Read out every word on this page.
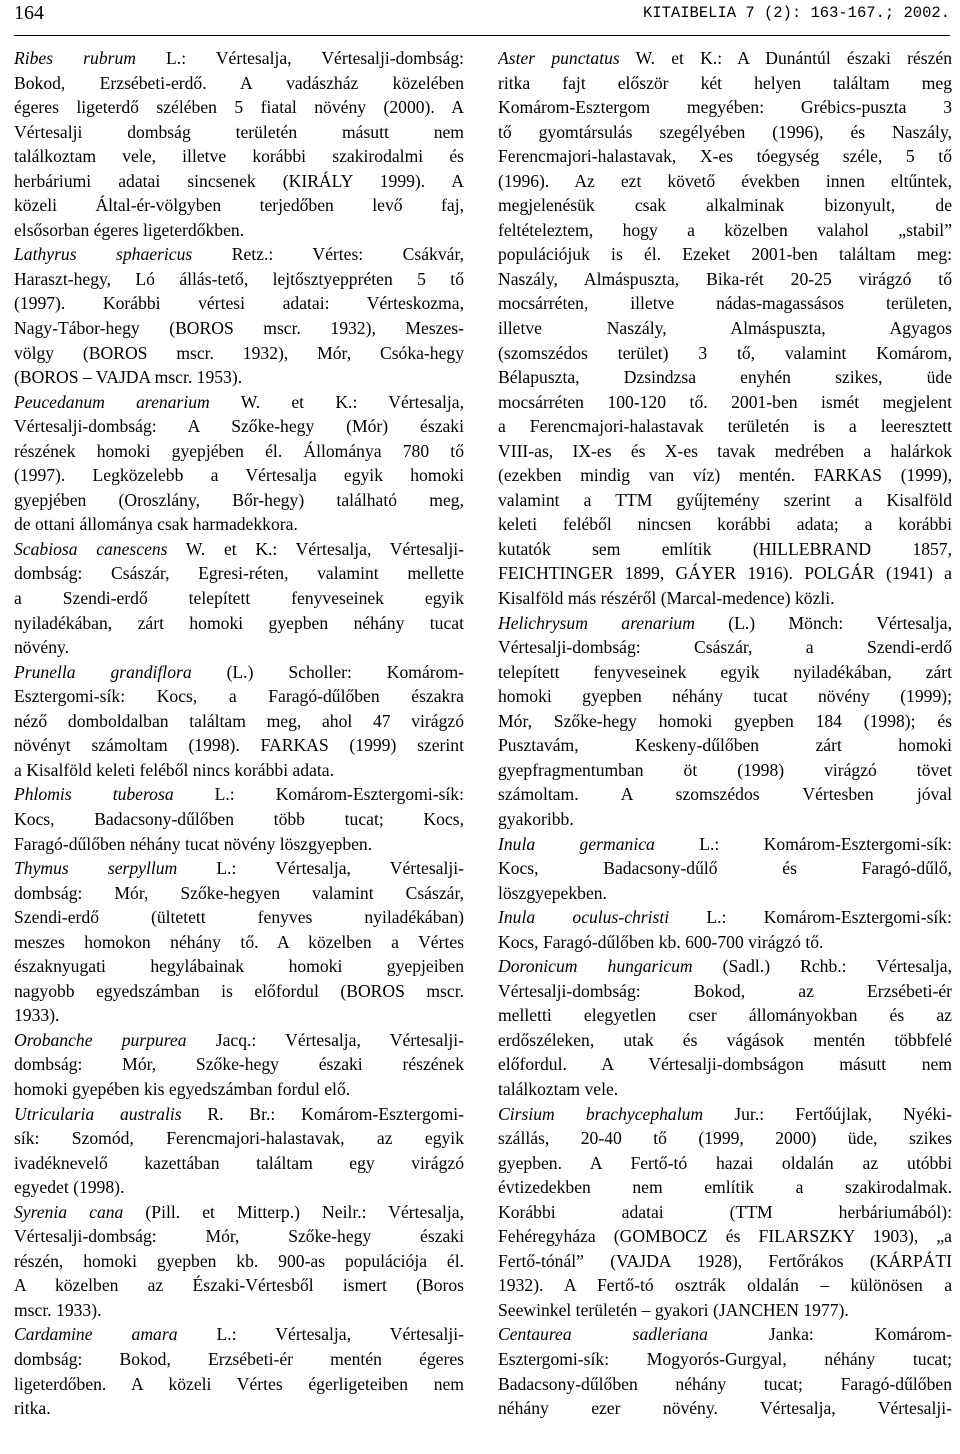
164	KITAIBELIA 7 (2): 163-167.; 2002.
Ribes rubrum L.: Vértesalja, Vértesalji-dombság:
Bokod, Erzsébeti-erdő. A vadászház közelében
égeres ligeterdő szélében 5 fiatal növény (2000). A
Vértesalji dombság területén másutt nem
találkoztam vele, illetve korábbi szakirodalmi és
herbáriumi adatai sincsenek (KIRÁLY 1999). A
közeli Által-ér-völgyben terjedőben levő faj,
elsősorban égeres ligeterdőkben.
Lathyrus sphaericus Retz.: Vértes: Csákvár,
Haraszt-hegy, Ló állás-tető, lejtősztyeppréten 5 tő
(1997). Korábbi vértesi adatai: Vérteskozma,
Nagy-Tábor-hegy (BOROS mscr. 1932), Meszes-
völgy (BOROS mscr. 1932), Mór, Csóka-hegy
(BOROS – VAJDA mscr. 1953).
Peucedanum arenarium W. et K.: Vértesalja,
Vértesalji-dombság: A Szőke-hegy (Mór) északi
részének homoki gyepjében él. Állománya 780 tő
(1997). Legközelebb a Vértesalja egyik homoki
gyepjében (Oroszlány, Bőr-hegy) található meg,
de ottani állománya csak harmadekkora.
Scabiosa canescens W. et K.: Vértesalja, Vértesalji-
dombság: Császár, Egresi-réten, valamint mellette
a Szendi-erdő telepített fenyveseinek egyik
nyiladékában, zárt homoki gyepben néhány tucat
növény.
Prunella grandiflora (L.) Scholler: Komárom-
Esztergomi-sík: Kocs, a Faragó-dűlőben északra
néző domboldalban találtam meg, ahol 47 virágzó
növényt számoltam (1998). FARKAS (1999) szerint
a Kisalföld keleti feléből nincs korábbi adata.
Phlomis tuberosa L.: Komárom-Esztergomi-sík:
Kocs, Badacsony-dűlőben több tucat; Kocs,
Faragó-dűlőben néhány tucat növény löszgyepben.
Thymus serpyllum L.: Vértesalja, Vértesalji-
dombság: Mór, Szőke-hegyen valamint Császár,
Szendi-erdő (ültetett fenyves nyiladékában)
meszes homokon néhány tő. A közelben a Vértes
északnyugati hegylábainak homoki gyepjeiben
nagyobb egyedszámban is előfordul (BOROS mscr.
1933).
Orobanche purpurea Jacq.: Vértesalja, Vértesalji-
dombság: Mór, Szőke-hegy északi részének
homoki gyepében kis egyedszámban fordul elő.
Utricularia australis R. Br.: Komárom-Esztergomi-
sík: Szomód, Ferencmajori-halastavak, az egyik
ivadéknevelő kazettában találtam egy virágzó
egyedet (1998).
Syrenia cana (Pill. et Mitterp.) Neilr.: Vértesalja,
Vértesalji-dombság: Mór, Szőke-hegy északi
részén, homoki gyepben kb. 900-as populációja él.
A közelben az Északi-Vértesből ismert (Boros
mscr. 1933).
Cardamine amara L.: Vértesalja, Vértesalji-
dombság: Bokod, Erzsébeti-ér mentén égeres
ligeterdőben. A közeli Vértes égerligeteiben nem
ritka.
Aster punctatus W. et K.: A Dunántúl északi részén
ritka fajt először két helyen találtam meg
Komárom-Esztergom megyében: Grébics-puszta 3
tő gyomtársulás szegélyében (1996), és Naszály,
Ferencmajori-halastavak, X-es tóegység széle, 5 tő
(1996). Az ezt követő években innen eltűntek,
megjelenésük csak alkalminak bizonyult, de
feltételeztem, hogy a közelben valahol „stabil”
populációjuk is él. Ezeket 2001-ben találtam meg:
Naszály, Almáspuszta, Bika-rét 20-25 virágzó tő
mocsárréten, illetve nádas-magassásos területen,
illetve Naszály, Almáspuszta, Agyagos
(szomszédos terület) 3 tő, valamint Komárom,
Bélapuszta, Dzsindzsa enyhén szikes, üde
mocsárréten 100-120 tő. 2001-ben ismét megjelent
a Ferencmajori-halastavak területén is a leeresztett
VIII-as, IX-es és X-es tavak medrében a halárkok
(ezekben mindig van víz) mentén. FARKAS (1999),
valamint a TTM gyűjtemény szerint a Kisalföld
keleti feléből nincsen korábbi adata; a korábbi
kutatók sem említik (HILLEBRAND 1857,
FEICHTINGER 1899, GÁYER 1916). POLGÁR (1941) a
Kisalföld más részéről (Marcal-medence) közli.
Helichrysum arenarium (L.) Mönch: Vértesalja,
Vértesalji-dombság: Császár, a Szendi-erdő
telepített fenyveseinek egyik nyiladékában, zárt
homoki gyepben néhány tucat növény (1999);
Mór, Szőke-hegy homoki gyepben 184 (1998); és
Pusztavám, Keskeny-dűlőben zárt homoki
gyepfragmentumban öt (1998) virágzó tövet
számoltam. A szomszédos Vértesben jóval
gyakoribb.
Inula germanica L.: Komárom-Esztergomi-sík:
Kocs, Badacsony-dűlő és Faragó-dűlő,
löszgyepekben.
Inula oculus-christi L.: Komárom-Esztergomi-sík:
Kocs, Faragó-dűlőben kb. 600-700 virágzó tő.
Doronicum hungaricum (Sadl.) Rchb.: Vértesalja,
Vértesalji-dombság: Bokod, az Erzsébeti-ér
melletti elegyetlen cser állományokban és az
erdőszéleken, utak és vágások mentén többfelé
előfordul. A Vértesalji-dombságon másutt nem
találkoztam vele.
Cirsium brachycephalum Jur.: Fertőújlak, Nyéki-
szállás, 20-40 tő (1999, 2000) üde, szikes
gyepben. A Fertő-tó hazai oldalán az utóbbi
évtizedekben nem említik a szakirodalmak.
Korábbi adatai (TTM herbáriumából):
Fehéregyháza (GOMBOCZ és FILARSZKY 1903), „a
Fertő-tónál” (VAJDA 1928), Fertőrákos (KÁRPÁTI
1932). A Fertő-tó osztrák oldalán – különösen a
Seewinkel területén – gyakori (JANCHEN 1977).
Centaurea sadleriana Janka: Komárom-
Esztergomi-sík: Mogyorós-Gurgyal, néhány tucat;
Badacsony-dűlőben néhány tucat; Faragó-dűlőben
néhány ezer növény. Vértesalja, Vértesalji-
